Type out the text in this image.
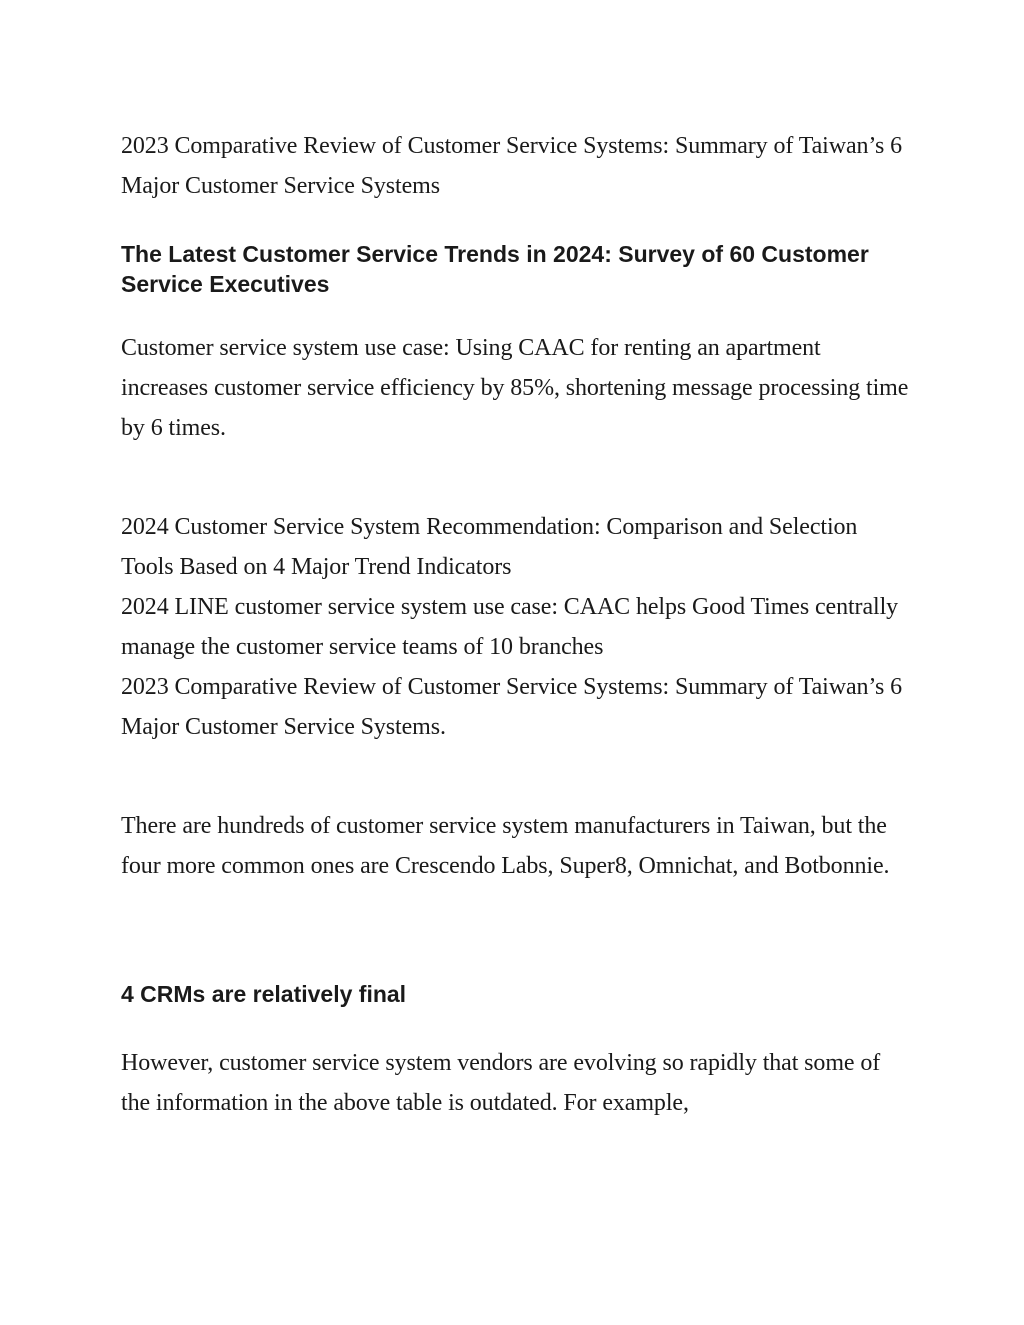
2023 Comparative Review of Customer Service Systems: Summary of Taiwan’s 6 Major Customer Service Systems

The Latest Customer Service Trends in 2024: Survey of 60 Customer Service Executives

Customer service system use case: Using CAAC for renting an apartment increases customer service efficiency by 85%, shortening message processing time by 6 times.

2024 Customer Service System Recommendation: Comparison and Selection Tools Based on 4 Major Trend Indicators

2024 LINE customer service system use case: CAAC helps Good Times centrally manage the customer service teams of 10 branches

2023 Comparative Review of Customer Service Systems: Summary of Taiwan’s 6 Major Customer Service Systems.

There are hundreds of customer service system manufacturers in Taiwan, but the four more common ones are Crescendo Labs, Super8, Omnichat, and Botbonnie.

4 CRMs are relatively final

However, customer service system vendors are evolving so rapidly that some of the information in the above table is outdated. For example,
